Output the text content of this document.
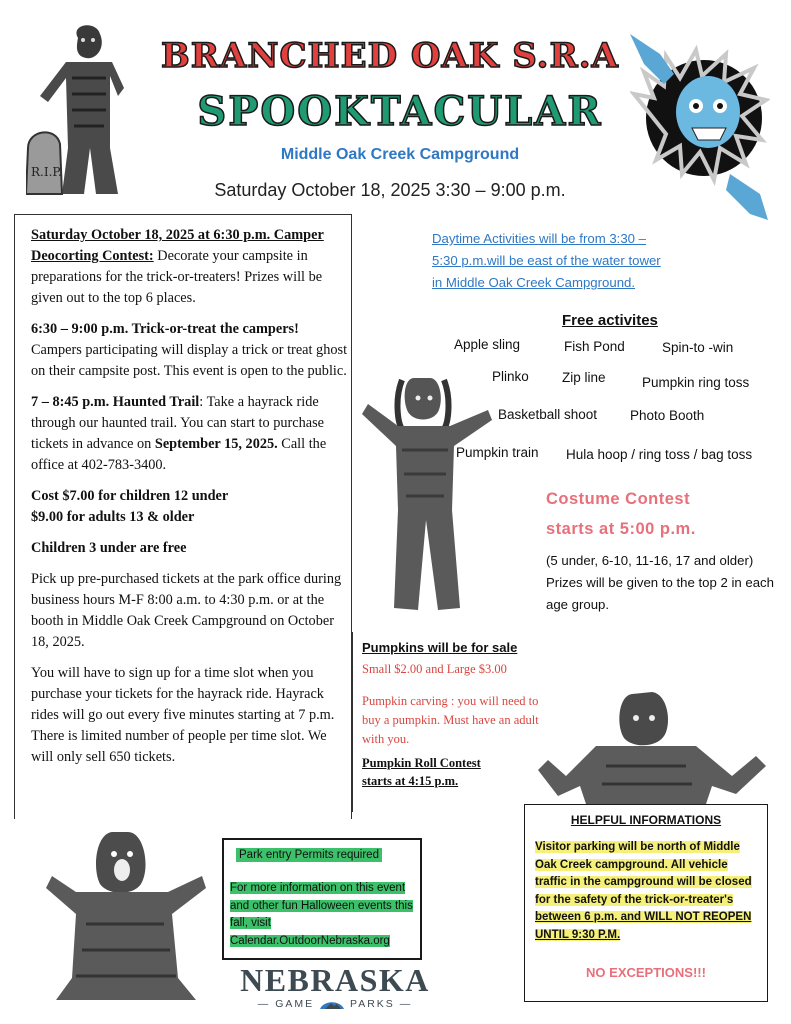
R.I.P.
BRANCHED OAK S.R.A
SPOOKTACULAR
Middle Oak Creek Campground
Saturday October 18, 2025 3:30 – 9:00 p.m.

Saturday October 18, 2025 at 6:30 p.m. Camper Deocorting Contest: Decorate your campsite in preparations for the trick-or-treaters! Prizes will be given out to the top 6 places.

6:30 – 9:00 p.m. Trick-or-treat the campers! Campers participating will display a trick or treat ghost on their campsite post. This event is open to the public.

7 – 8:45 p.m. Haunted Trail: Take a hayrack ride through our haunted trail. You can start to purchase tickets in advance on September 15, 2025. Call the office at 402-783-3400.

Cost $7.00 for children 12 under
$9.00 for adults 13 & older

Children 3 under are free

Pick up pre-purchased tickets at the park office during business hours M-F 8:00 a.m. to 4:30 p.m. or at the booth in Middle Oak Creek Campground on October 18, 2025.

You will have to sign up for a time slot when you purchase your tickets for the hayrack ride. Hayrack rides will go out every five minutes starting at 7 p.m. There is limited number of people per time slot. We will only sell 650 tickets.

Daytime Activities will be from 3:30 –
5:30 p.m.will be east of the water tower
in Middle Oak Creek Campground.
Free activites
Apple sling	Fish Pond	Spin-to -win
Plinko Zip line	Pumpkin ring toss
Basketball shoot Photo Booth
Pumpkin train Hula hoop / ring toss / bag toss
Costume Contest
starts at 5:00 p.m.
(5 under, 6-10, 11-16, 17 and older)
Prizes will be given to the top 2 in each age group.
Pumpkins will be for sale
Small $2.00 and Large $3.00
Pumpkin carving : you will need to buy a pumpkin. Must have an adult with you.
Pumpkin Roll Contest
starts at 4:15 p.m.
Park entry Permits required
For more information on this event and other fun Halloween events this fall, visit Calendar.OutdoorNebraska.org
HELPFUL INFORMATIONS
Visitor parking will be north of Middle Oak Creek campground. All vehicle traffic in the campground will be closed for the safety of the trick-or-treater's between 6 p.m. and WILL NOT REOPEN UNTIL 9:30 P.M.
NO EXCEPTIONS!!!
NEBRASKA
— GAME	PARKS —
